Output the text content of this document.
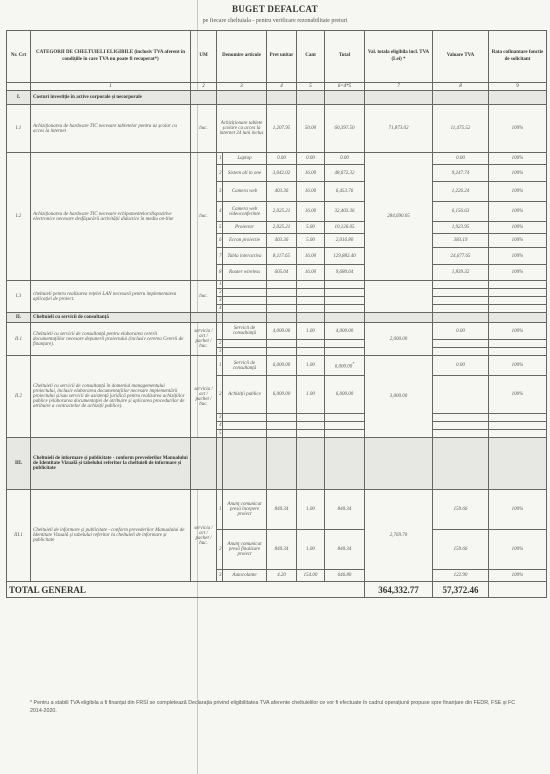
BUGET DEFALCAT
pe fiecare cheltuiala - pentru verificare rezonabilitate preturi
Nr. Crt	CATEGORII DE CHELTUIELI ELIGIBILE (inclusiv TVA aferent în condițiile în care TVA nu poate fi recuperat*)	UM	Denumire articole		Pret unitar	Cant	Total	Val. totala eligibila incl. TVA (Lei) *	Valoare TVA	Rata cofinantare fonctie de solicitant
	1	2	3		4	5	6=4*5	7	8	9
I.	Costuri investiție în active corporale și necorporale									
I.1	Achiziționarea de hardware TIC necesare tabletelor pentru uz școlar cu acces la internet	buc.	Achiziționare tablete școlare cu acces la internet 24 luni inclus		1,207.95	50.00	60,397.50	71,873.02	11,475.52	100%
I.2	Achiziționarea de hardware TIC necesare echipamentelor/dispozitive electronice necesare desfășurării activității didactice în mediu on-line	buc.	1	Laptop	0.00	0.00	0.00	284,690.05	0.00	100%
			2	Sistem all in one	3,042.02	16.00	48,672.32		9,247.74	100%
			3	Camera web	403.36	16.00	6,453.76		1,226.24	100%
			4	Camera web videoconferinte	2,025.21	16.00	32,403.36		6,156.63	100%
			5	Proiector	2,025.21	5.00	10,126.05		1,923.95	100%
			6	Ecran proiectie	403.36	5.00	2,016.80		383.19	100%
			7	Tabla interactiva	8,117.65	16.00	129,882.40		24,677.65	100%
			8	Router wireless	605.04	16.00	9,680.64		1,839.32	100%
I.3	cheltuieli pentru realizarea rețelei LAN necesară pentru implementarea aplicației de proiect.	buc.	1							
			2							
			3							
			4							
II.	Cheltuieli cu servicii de consultanță									
II.1	Cheltuieli cu servicii de consultanță pentru elaborarea cererii documentațiilor necesare depunerii proiectului (inclusiv cererea Cererii de finanțare).	servicia / act / pachet / buc.		Servicii de consultanță	4,000.00	1.00	4,000.00	2,000.00	0.00	100%
			2							
			3							
II.2	Cheltuieli cu servicii de consultanță în domeniul managementului proiectului, inclusiv elaborarea documentațiilor necesare implementării proiectului și/sau servicii de asistență juridică pentru realizarea achizițiilor publice (elaborarea documentației de atribuire și aplicarea procedurilor de atribuire a contractelor de achiziții publice).	servicia / act / pachet / buc.	1	Servicii de consultanță	6,000.00	1.00	6,000.00*	3,000.00	0.00	100%
			2	Achiziții publice	6,000.00	1.00	6,000.00			100%
			3							
			4							
			5							
III.	Cheltuieli de informare și publicitate - conform prevederilor Manualului de Identitate Vizuală și tabelului referitor la cheltuieli de informare și publicitate									
III.1	Cheltuieli de informare și publicitate - conform prevederilor Manualului de Identitate Vizuală și tabelului referitor la cheltuieli de informare și publicitate	servicia / act / pachet / buc.	1	Anunț comunicat presă începere proiect	840.34	1.00	840.34	2,769.70	159.66	100%
			2	Anunț comunicat presă finalizare proiect	840.34	1.00	840.34		159.66	100%
			3	Autocolante	4.20	154.00	646.80		122.90	100%
TOTAL GENERAL								364,332.77	57,372.46	
* Pentru a stabili TVA eligibila a fi finanțat din FRSI se completează Declarația privind eligibilitatea TVA aferente cheltuielilor ce vor fi efectuate în cadrul operațiunii propuse spre finanțare din FEDR, FSE și FC 2014-2020.
